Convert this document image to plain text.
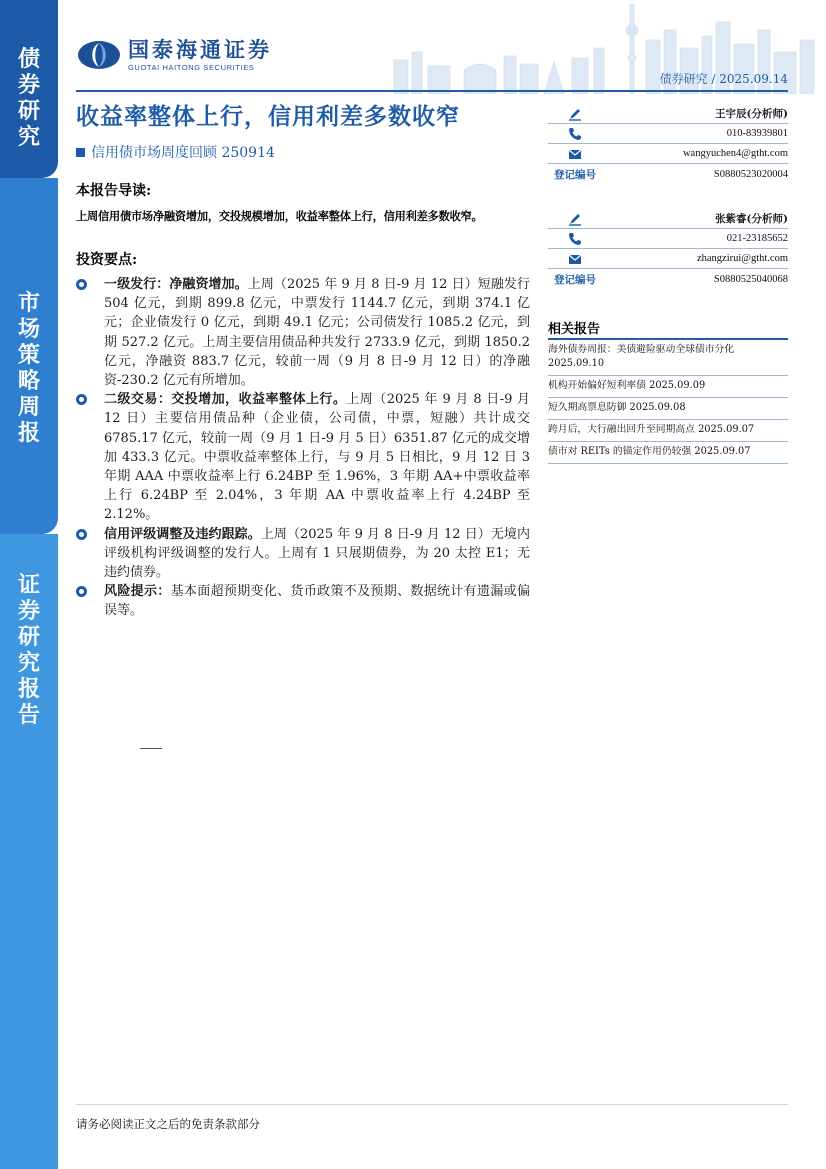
债券研究
市场策略周报
证券研究报告
国泰海通证券
GUOTAI HAITONG SECURITIES
债券研究 / 2025.09.14
收益率整体上行，信用利差多数收窄
信用债市场周度回顾 250914
本报告导读:
上周信用债市场净融资增加，交投规模增加，收益率整体上行，信用利差多数收窄。
投资要点:
一级发行：净融资增加。上周（2025 年 9 月 8 日-9 月 12 日）短融发行 504 亿元，到期 899.8 亿元，中票发行 1144.7 亿元，到期 374.1 亿元；企业债发行 0 亿元，到期 49.1 亿元；公司债发行 1085.2 亿元，到期 527.2 亿元。上周主要信用债品种共发行 2733.9 亿元，到期 1850.2 亿元，净融资 883.7 亿元，较前一周（9 月 8 日-9 月 12 日）的净融资-230.2 亿元有所增加。
二级交易：交投增加，收益率整体上行。上周（2025 年 9 月 8 日-9 月 12 日）主要信用债品种（企业债，公司债，中票，短融）共计成交 6785.17 亿元，较前一周（9 月 1 日-9 月 5 日）6351.87 亿元的成交增加 433.3 亿元。中票收益率整体上行，与 9 月 5 日相比，9 月 12 日 3 年期 AAA 中票收益率上行 6.24BP 至 1.96%，3 年期 AA+中票收益率上行 6.24BP 至 2.04%，3 年期 AA 中票收益率上行 4.24BP 至 2.12%。
信用评级调整及违约跟踪。上周（2025 年 9 月 8 日-9 月 12 日）无境内评级机构评级调整的发行人。上周有 1 只展期债券，为 20 太控 E1；无违约债券。
风险提示：基本面超预期变化、货币政策不及预期、数据统计有遗漏或偏误等。
王宇辰(分析师)
010-83939801
wangyuchen4@gtht.com
登记编号	S0880523020004
张紫睿(分析师)
021-23185652
zhangzirui@gtht.com
登记编号	S0880525040068
相关报告
海外债券周报：美债避险驱动全球债市分化 2025.09.10
机构开始偏好短利率债 2025.09.09
短久期高票息防御 2025.09.08
跨月后，大行融出回升至同期高点 2025.09.07
债市对 REITs 的锚定作用仍较强 2025.09.07
请务必阅读正文之后的免责条款部分
